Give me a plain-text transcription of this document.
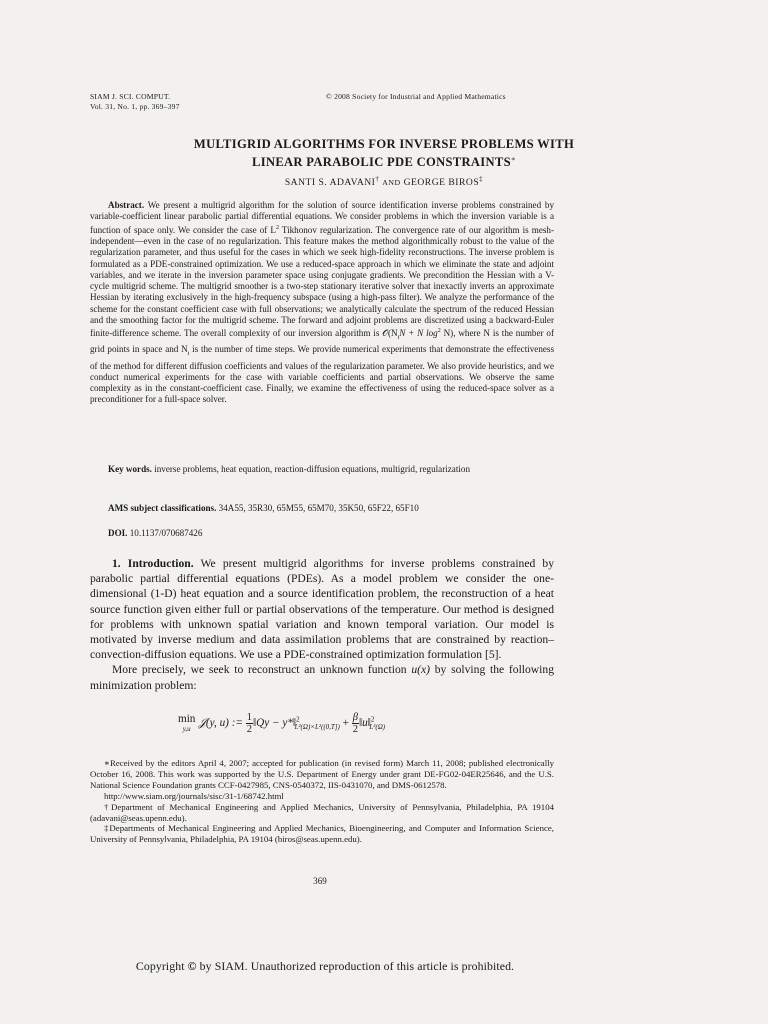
SIAM J. SCI. COMPUT.
Vol. 31, No. 1, pp. 369–397
© 2008 Society for Industrial and Applied Mathematics
MULTIGRID ALGORITHMS FOR INVERSE PROBLEMS WITH
LINEAR PARABOLIC PDE CONSTRAINTS∗
SANTI S. ADAVANI† AND GEORGE BIROS‡
Abstract. We present a multigrid algorithm for the solution of source identification inverse problems constrained by variable-coefficient linear parabolic partial differential equations. We consider problems in which the inversion variable is a function of space only. We consider the case of $L^2$ Tikhonov regularization. The convergence rate of our algorithm is mesh-independent—even in the case of no regularization. This feature makes the method algorithmically robust to the value of the regularization parameter, and thus useful for the cases in which we seek high-fidelity reconstructions. The inverse problem is formulated as a PDE-constrained optimization. We use a reduced-space approach in which we eliminate the state and adjoint variables, and we iterate in the inversion parameter space using conjugate gradients. We precondition the Hessian with a V-cycle multigrid scheme. The multigrid smoother is a two-step stationary iterative solver that inexactly inverts an approximate Hessian by iterating exclusively in the high-frequency subspace (using a high-pass filter). We analyze the performance of the scheme for the constant coefficient case with full observations; we analytically calculate the spectrum of the reduced Hessian and the smoothing factor for the multigrid scheme. The forward and adjoint problems are discretized using a backward-Euler finite-difference scheme. The overall complexity of our inversion algorithm is $𝒪(N_tN + N$ $\log^2 N$), where N is the number of grid points in space and $N_t$ is the number of time steps. We provide numerical experiments that demonstrate the effectiveness of the method for different diffusion coefficients and values of the regularization parameter. We also provide heuristics, and we conduct numerical experiments for the case with variable coefficients and partial observations. We observe the same complexity as in the constant-coefficient case. Finally, we examine the effectiveness of using the reduced-space solver as a preconditioner for a full-space solver.
Key words. inverse problems, heat equation, reaction-diffusion equations, multigrid, regularization
AMS subject classifications. 34A55, 35R30, 65M55, 65M70, 35K50, 65F22, 65F10
DOI. 10.1137/070687426

1. Introduction. We present multigrid algorithms for inverse problems constrained by parabolic partial differential equations (PDEs). As a model problem we consider the one-dimensional (1-D) heat equation and a source identification problem, the reconstruction of a heat source function given either full or partial observations of the temperature. Our method is designed for problems with unknown spatial variation and known temporal variation. Our model is motivated by inverse medium and data assimilation problems that are constrained by reaction–convection-diffusion equations. We use a PDE-constrained optimization formulation [5].

More precisely, we seek to reconstruct an unknown function u(x) by solving the following minimization problem:

min
y,u 𝒥(y, u) := $\frac{1}{2}$ ‖Qy − y*‖$^2_{L^2(\Omega)\times L^2((0,T])}$ + $\frac{\beta}{2}$ ‖u‖$^2_{L^2(\Omega)}$

∗Received by the editors April 4, 2007; accepted for publication (in revised form) March 11, 2008; published electronically October 16, 2008. This work was supported by the U.S. Department of Energy under grant DE-FG02-04ER25646, and the U.S. National Science Foundation grants CCF-0427985, CNS-0540372, IIS-0431070, and DMS-0612578.

http://www.siam.org/journals/sisc/31-1/68742.html

†Department of Mechanical Engineering and Applied Mechanics, University of Pennsylvania, Philadelphia, PA 19104 (adavani@seas.upenn.edu).

‡Departments of Mechanical Engineering and Applied Mechanics, Bioengineering, and Computer and Information Science, University of Pennsylvania, Philadelphia, PA 19104 (biros@seas.upenn.edu).

369
Copyright © by SIAM. Unauthorized reproduction of this article is prohibited.
